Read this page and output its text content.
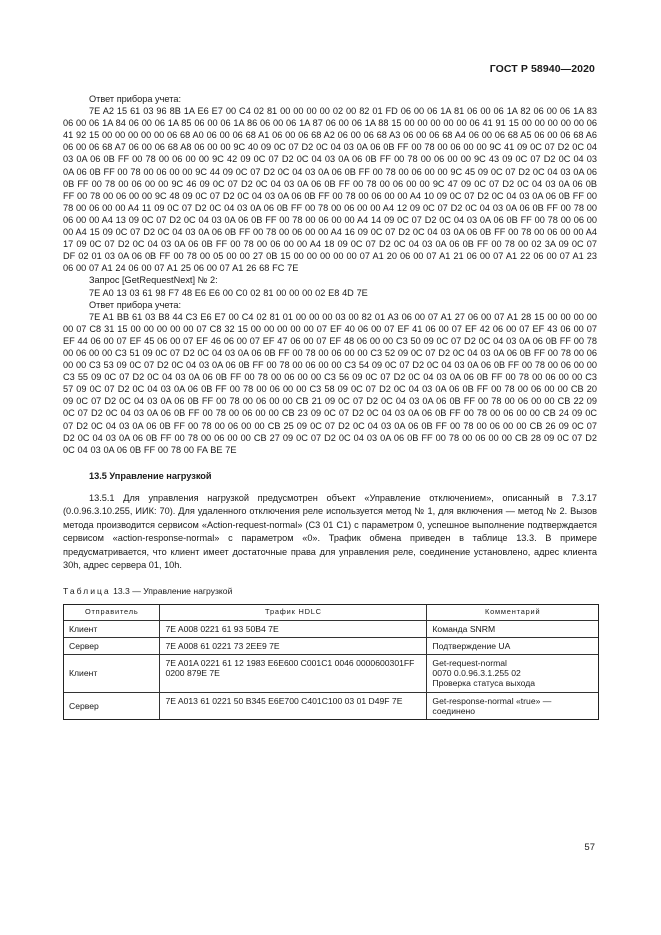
ГОСТ Р 58940—2020
Ответ прибора учета:
7E A2 15 61 03 96 8B 1A E6 E7 00 C4 02 81 00 00 00 00 02 00 82 01 FD 06 00 06 1A 81 06 00 06 1A 82 06 00 06 1A 83 06 00 06 1A 84 06 00 06 1A 85 06 00 06 1A 86 06 00 06 1A 87 06 00 06 1A 88 15 00 00 00 00 00 06 41 91 15 00 00 00 00 00 06 41 92 15 00 00 00 00 00 06 68 A0 06 00 06 68 A1 06 00 06 68 A2 06 00 06 68 A3 06 00 06 68 A4 06 00 06 68 A5 06 00 06 68 A6 06 00 06 68 A7 06 00 06 68 A8 06 00 00 9C 40 09 0C 07 D2 0C 04 03 0A 06 0B FF 00 78 00 06 00 00 9C 41 09 0C 07 D2 0C 04 03 0A 06 0B FF 00 78 00 06 00 00 9C 42 09 0C 07 D2 0C 04 03 0A 06 0B FF 00 78 00 06 00 00 9C 43 09 0C 07 D2 0C 04 03 0A 06 0B FF 00 78 00 06 00 00 9C 44 09 0C 07 D2 0C 04 03 0A 06 0B FF 00 78 00 06 00 00 9C 45 09 0C 07 D2 0C 04 03 0A 06 0B FF 00 78 00 06 00 00 9C 46 09 0C 07 D2 0C 04 03 0A 06 0B FF 00 78 00 06 00 00 9C 47 09 0C 07 D2 0C 04 03 0A 06 0B FF 00 78 00 06 00 00 9C 48 09 0C 07 D2 0C 04 03 0A 06 0B FF 00 78 00 06 00 00 A4 10 09 0C 07 D2 0C 04 03 0A 06 0B FF 00 78 00 06 00 00 A4 11 09 0C 07 D2 0C 04 03 0A 06 0B FF 00 78 00 06 00 00 A4 12 09 0C 07 D2 0C 04 03 0A 06 0B FF 00 78 00 06 00 00 A4 13 09 0C 07 D2 0C 04 03 0A 06 0B FF 00 78 00 06 00 00 A4 14 09 0C 07 D2 0C 04 03 0A 06 0B FF 00 78 00 06 00 00 A4 15 09 0C 07 D2 0C 04 03 0A 06 0B FF 00 78 00 06 00 00 A4 16 09 0C 07 D2 0C 04 03 0A 06 0B FF 00 78 00 06 00 00 A4 17 09 0C 07 D2 0C 04 03 0A 06 0B FF 00 78 00 06 00 00 A4 18 09 0C 07 D2 0C 04 03 0A 06 0B FF 00 78 00 02 3A 09 0C 07 DF 02 01 03 0A 06 0B FF 00 78 00 05 00 00 27 0B 15 00 00 00 00 00 07 A1 20 06 00 07 A1 21 06 00 07 A1 22 06 00 07 A1 23 06 00 07 A1 24 06 00 07 A1 25 06 00 07 A1 26 68 FC 7E
Запрос [GetRequestNext] № 2:
7E A0 13 03 61 98 F7 48 E6 E6 00 C0 02 81 00 00 00 02 E8 4D 7E
Ответ прибора учета:
7E A1 BB 61 03 B8 44 C3 E6 E7 00 C4 02 81 01 00 00 00 03 00 82 01 A3 06 00 07 A1 27 06 00 07 A1 28 15 00 00 00 00 00 07 C8 31 15 00 00 00 00 00 07 C8 32 15 00 00 00 00 00 07 EF 40 06 00 07 EF 41 06 00 07 EF 42 06 00 07 EF 43 06 00 07 EF 44 06 00 07 EF 45 06 00 07 EF 46 06 00 07 EF 47 06 00 07 EF 48 06 00 00 C3 50 09 0C 07 D2 0C 04 03 0A 06 0B FF 00 78 00 06 00 00 C3 51 09 0C 07 D2 0C 04 03 0A 06 0B FF 00 78 00 06 00 00 C3 52 09 0C 07 D2 0C 04 03 0A 06 0B FF 00 78 00 06 00 00 C3 53 09 0C 07 D2 0C 04 03 0A 06 0B FF 00 78 00 06 00 00 C3 54 09 0C 07 D2 0C 04 03 0A 06 0B FF 00 78 00 06 00 00 C3 55 09 0C 07 D2 0C 04 03 0A 06 0B FF 00 78 00 06 00 00 C3 56 09 0C 07 D2 0C 04 03 0A 06 0B FF 00 78 00 06 00 00 C3 57 09 0C 07 D2 0C 04 03 0A 06 0B FF 00 78 00 06 00 00 C3 58 09 0C 07 D2 0C 04 03 0A 06 0B FF 00 78 00 06 00 00 CB 20 09 0C 07 D2 0C 04 03 0A 06 0B FF 00 78 00 06 00 00 CB 21 09 0C 07 D2 0C 04 03 0A 06 0B FF 00 78 00 06 00 00 CB 22 09 0C 07 D2 0C 04 03 0A 06 0B FF 00 78 00 06 00 00 CB 23 09 0C 07 D2 0C 04 03 0A 06 0B FF 00 78 00 06 00 00 CB 24 09 0C 07 D2 0C 04 03 0A 06 0B FF 00 78 00 06 00 00 CB 25 09 0C 07 D2 0C 04 03 0A 06 0B FF 00 78 00 06 00 00 CB 26 09 0C 07 D2 0C 04 03 0A 06 0B FF 00 78 00 06 00 00 CB 27 09 0C 07 D2 0C 04 03 0A 06 0B FF 00 78 00 06 00 00 CB 28 09 0C 07 D2 0C 04 03 0A 06 0B FF 00 78 00 FA BE 7E
13.5 Управление нагрузкой
13.5.1 Для управления нагрузкой предусмотрен объект «Управление отключением», описанный в 7.3.17 (0.0.96.3.10.255, ИИК: 70). Для удаленного отключения реле используется метод № 1, для включения — метод № 2. Вызов метода производится сервисом «Action-request-normal» (C3 01 C1) с параметром 0, успешное выполнение подтверждается сервисом «action-response-normal» с параметром «0». Трафик обмена приведен в таблице 13.3. В примере предусматривается, что клиент имеет достаточные права для управления реле, соединение установлено, адрес клиента 30h, адрес сервера 01, 10h.
Таблица 13.3 — Управление нагрузкой
Отправитель	Трафик HDLC	Комментарий
Клиент	7E A008 0221 61 93 50B4 7E	Команда SNRM
Сервер	7E A008 61 0221 73 2EE9 7E	Подтверждение UA
Клиент	7E A01A 0221 61 12 1983 E6E600 C001C1 0046 0000600301FF 0200 879E 7E	Get-request-normal
0070 0.0.96.3.1.255 02
Проверка статуса выхода

Сервер	7E A013 61 0221 50 B345 E6E700 C401C100 03 01 D49F 7E	Get-response-normal «true» —
соединено
57
